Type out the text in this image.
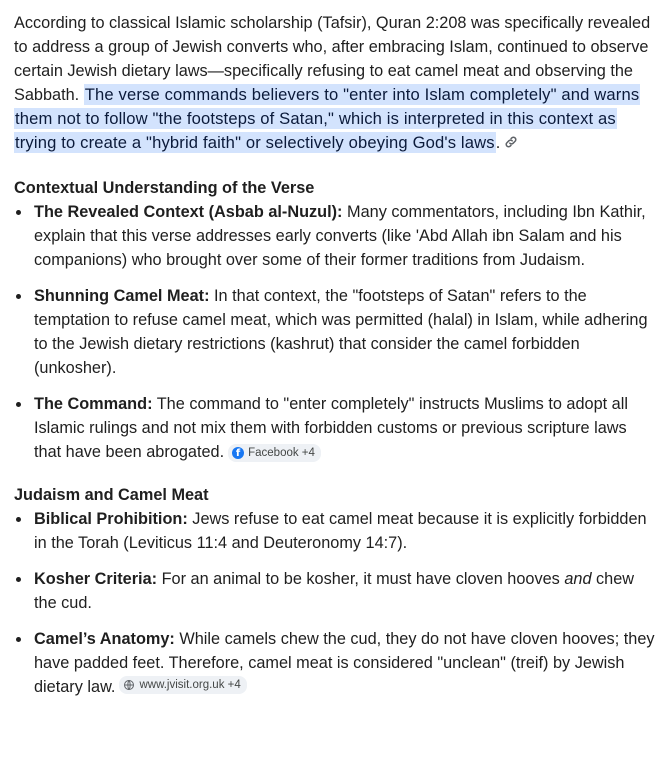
According to classical Islamic scholarship (Tafsir), Quran 2:208 was specifically revealed to address a group of Jewish converts who, after embracing Islam, continued to observe certain Jewish dietary laws—specifically refusing to eat camel meat and observing the Sabbath. The verse commands believers to "enter into Islam completely" and warns them not to follow "the footsteps of Satan," which is interpreted in this context as trying to create a "hybrid faith" or selectively obeying God's laws.

Contextual Understanding of the Verse
The Revealed Context (Asbab al-Nuzul): Many commentators, including Ibn Kathir, explain that this verse addresses early converts (like 'Abd Allah ibn Salam and his companions) who brought over some of their former traditions from Judaism.
Shunning Camel Meat: In that context, the "footsteps of Satan" refers to the temptation to refuse camel meat, which was permitted (halal) in Islam, while adhering to the Jewish dietary restrictions (kashrut) that consider the camel forbidden (unkosher).
The Command: The command to "enter completely" instructs Muslims to adopt all Islamic rulings and not mix them with forbidden customs or previous scripture laws that have been abrogated.	f Facebook +4
Judaism and Camel Meat
Biblical Prohibition: Jews refuse to eat camel meat because it is explicitly forbidden in the Torah (Leviticus 11:4 and Deuteronomy 14:7).
Kosher Criteria: For an animal to be kosher, it must have cloven hooves and chew the cud.
Camel’s Anatomy: While camels chew the cud, they do not have cloven hooves; they have padded feet. Therefore, camel meat is considered "unclean" (treif) by Jewish dietary law. www.jvisit.org.uk +4
